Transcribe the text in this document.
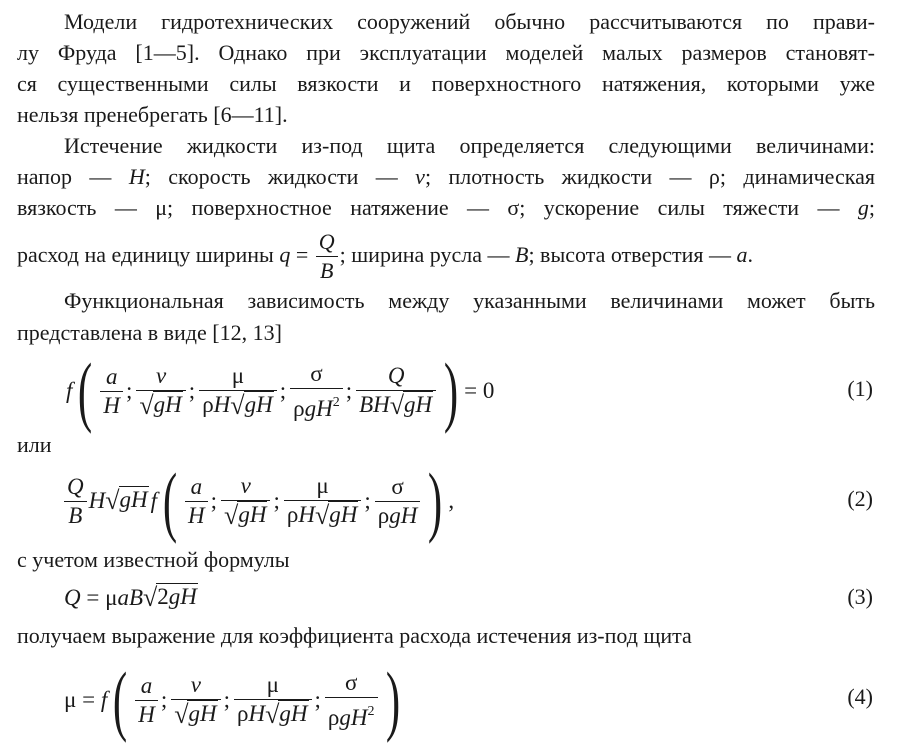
Модели гидротехнических сооружений обычно рассчитываются по прави-
лу Фруда [1—5]. Однако при эксплуатации моделей малых размеров становят-
ся существенными силы вязкости и поверхностного натяжения, которыми уже
нельзя пренебрегать [6—11].
Истечение жидкости из-под щита определяется следующими величинами:
напор — H; скорость жидкости — v; плотность жидкости — ρ; динамическая
вязкость — μ; поверхностное натяжение — σ; ускорение силы тяжести — g;
расход на единицу ширины $q = \frac{Q}{B}$ ; ширина русла — B; высота отверстия — a.
Функциональная зависимость между указанными величинами может быть
представлена в виде [12, 13]
f ( $\frac{a}{H}$ ; $\frac{v}{√gH}$ ; $\frac{\mu}{\rho H√gH}$ ; $\frac{\sigma}{\rho gH^2}$ ; $\frac{Q}{BH√gH}$ ) = 0	(1)
или
$\frac{Q}{B}$ H √gH f ( $\frac{a}{H}$ ; $\frac{v}{√gH}$ ; $\frac{\mu}{\rho H√gH}$ ; $\frac{\sigma}{\text{ρgH}}$ ) ,	(2)
с учетом известной формулы
Q = μ aB √2gH	(3)
получаем выражение для коэффициента расхода истечения из-под щита
μ = f ( $\frac{a}{H}$ ; $\frac{v}{√gH}$ ; $\frac{\mu}{\rho H√gH}$ ; $\frac{\sigma}{\rho gH^2}$ )	(4)
